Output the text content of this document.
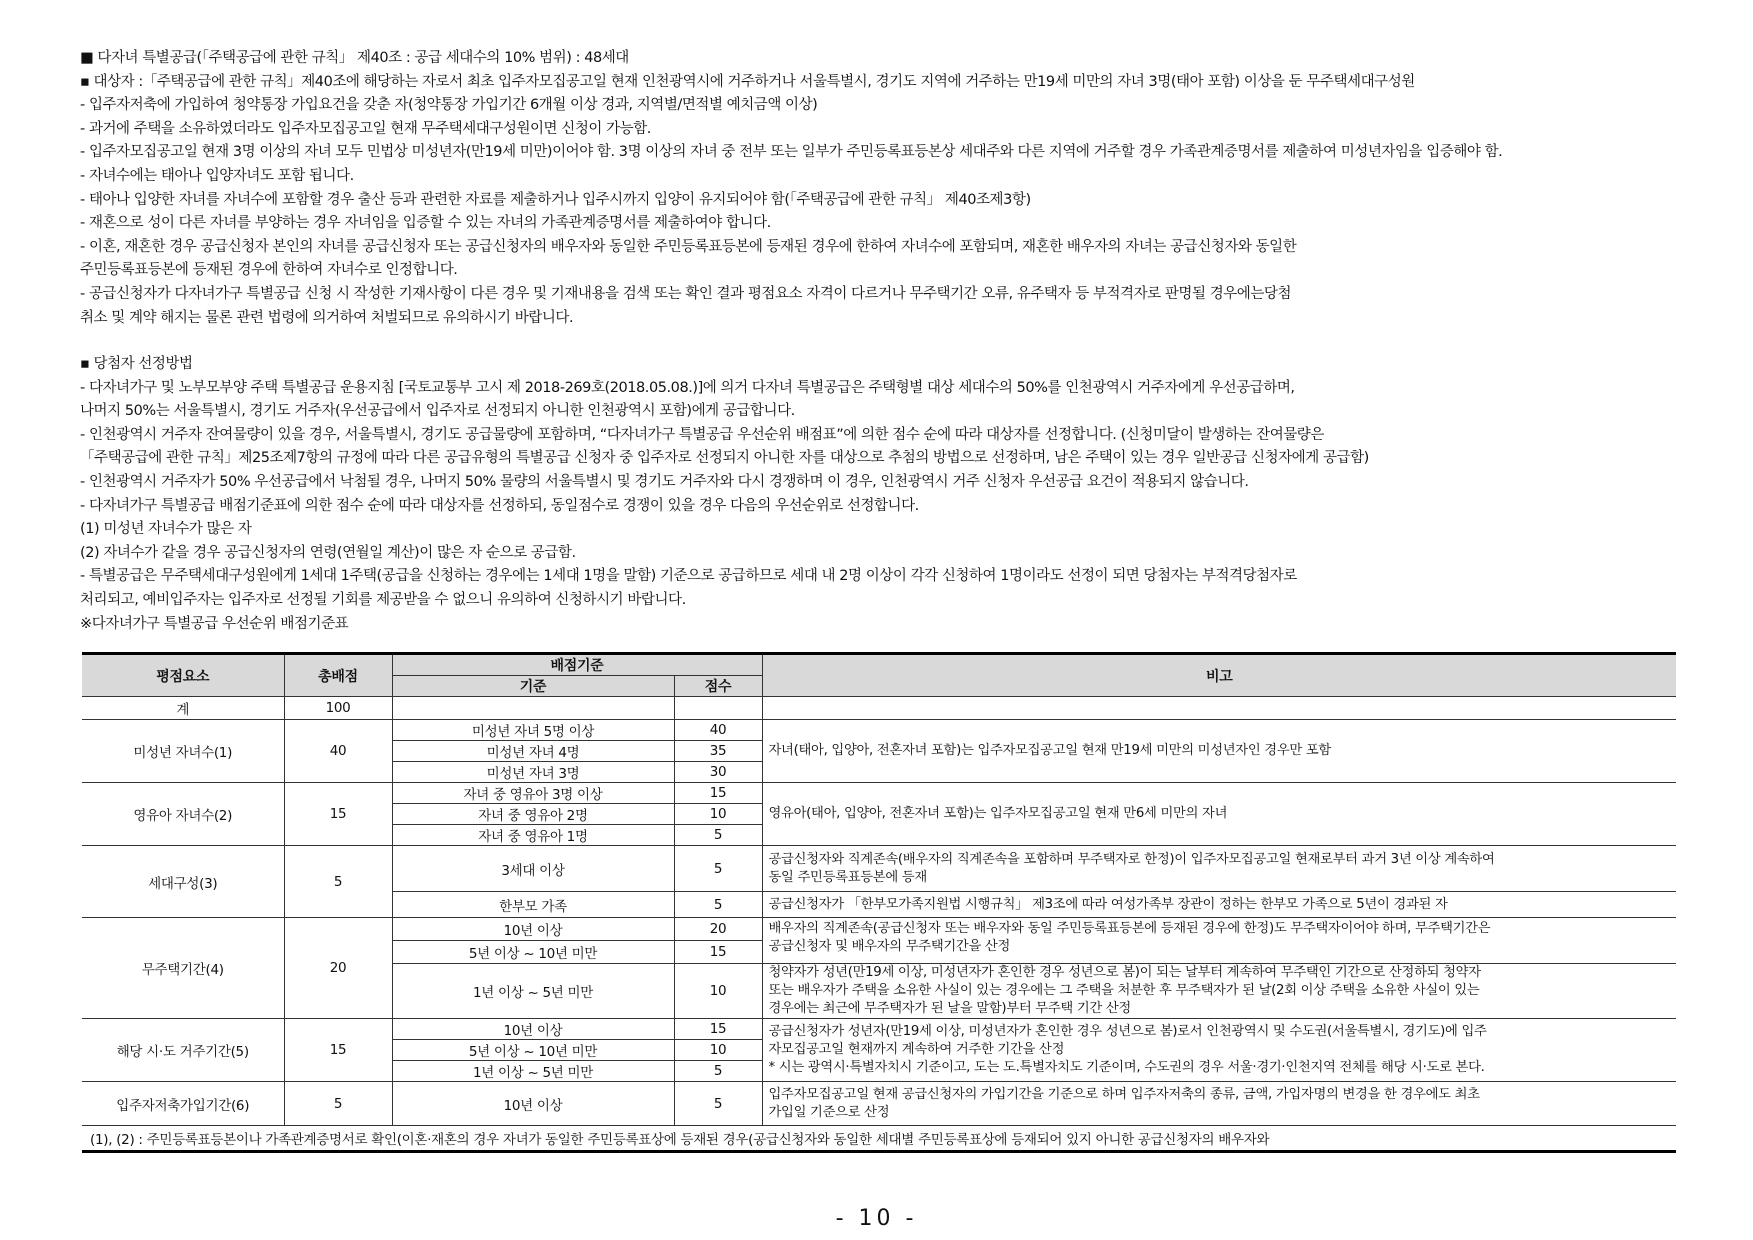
■ 다자녀 특별공급(「주택공급에 관한 규칙」 제40조 : 공급 세대수의 10% 범위) : 48세대
▪ 대상자 :「주택공급에 관한 규칙」제40조에 해당하는 자로서 최초 입주자모집공고일 현재 인천광역시에 거주하거나 서울특별시, 경기도 지역에 거주하는 만19세 미만의 자녀 3명(태아 포함) 이상을 둔 무주택세대구성원
- 입주자저축에 가입하여 청약통장 가입요건을 갖춘 자(청약통장 가입기간 6개월 이상 경과, 지역별/면적별 예치금액 이상)
- 과거에 주택을 소유하였더라도 입주자모집공고일 현재 무주택세대구성원이면 신청이 가능함.
- 입주자모집공고일 현재 3명 이상의 자녀 모두 민법상 미성년자(만19세 미만)이어야 함. 3명 이상의 자녀 중 전부 또는 일부가 주민등록표등본상 세대주와 다른 지역에 거주할 경우 가족관계증명서를 제출하여 미성년자임을 입증해야 함.
- 자녀수에는 태아나 입양자녀도 포함 됩니다.
- 태아나 입양한 자녀를 자녀수에 포함할 경우 출산 등과 관련한 자료를 제출하거나 입주시까지 입양이 유지되어야 함(「주택공급에 관한 규칙」 제40조제3항)
- 재혼으로 성이 다른 자녀를 부양하는 경우 자녀임을 입증할 수 있는 자녀의 가족관계증명서를 제출하여야 합니다.
- 이혼, 재혼한 경우 공급신청자 본인의 자녀를 공급신청자 또는 공급신청자의 배우자와 동일한 주민등록표등본에 등재된 경우에 한하여 자녀수에 포함되며, 재혼한 배우자의 자녀는 공급신청자와 동일한
주민등록표등본에 등재된 경우에 한하여 자녀수로 인정합니다.
- 공급신청자가 다자녀가구 특별공급 신청 시 작성한 기재사항이 다른 경우 및 기재내용을 검색 또는 확인 결과 평점요소 자격이 다르거나 무주택기간 오류, 유주택자 등 부적격자로 판명될 경우에는당첨
취소 및 계약 해지는 물론 관련 법령에 의거하여 처벌되므로 유의하시기 바랍니다.
▪ 당첨자 선정방법
- 다자녀가구 및 노부모부양 주택 특별공급 운용지침 [국토교통부 고시 제 2018-269호(2018.05.08.)]에 의거 다자녀 특별공급은 주택형별 대상 세대수의 50%를 인천광역시 거주자에게 우선공급하며,
나머지 50%는 서울특별시, 경기도 거주자(우선공급에서 입주자로 선정되지 아니한 인천광역시 포함)에게 공급합니다.
- 인천광역시 거주자 잔여물량이 있을 경우, 서울특별시, 경기도 공급물량에 포함하며, “다자녀가구 특별공급 우선순위 배점표”에 의한 점수 순에 따라 대상자를 선정합니다. (신청미달이 발생하는 잔여물량은
「주택공급에 관한 규칙」제25조제7항의 규정에 따라 다른 공급유형의 특별공급 신청자 중 입주자로 선정되지 아니한 자를 대상으로 추첨의 방법으로 선정하며, 남은 주택이 있는 경우 일반공급 신청자에게 공급함)
- 인천광역시 거주자가 50% 우선공급에서 낙첨될 경우, 나머지 50% 물량의 서울특별시 및 경기도 거주자와 다시 경쟁하며 이 경우, 인천광역시 거주 신청자 우선공급 요건이 적용되지 않습니다.
- 다자녀가구 특별공급 배점기준표에 의한 점수 순에 따라 대상자를 선정하되, 동일점수로 경쟁이 있을 경우 다음의 우선순위로 선정합니다.
(1) 미성년 자녀수가 많은 자
(2) 자녀수가 같을 경우 공급신청자의 연령(연월일 계산)이 많은 자 순으로 공급함.
- 특별공급은 무주택세대구성원에게 1세대 1주택(공급을 신청하는 경우에는 1세대 1명을 말함) 기준으로 공급하므로 세대 내 2명 이상이 각각 신청하여 1명이라도 선정이 되면 당첨자는 부적격당첨자로
처리되고, 예비입주자는 입주자로 선정될 기회를 제공받을 수 없으니 유의하여 신청하시기 바랍니다.
※다자녀가구 특별공급 우선순위 배점기준표
평점요소	총배점	배점기준		비고
		기준	점수	
계	100			
미성년 자녀수(1)	40	미성년 자녀 5명 이상	40	자녀(태아, 입양아, 전혼자녀 포함)는 입주자모집공고일 현재 만19세 미만의 미성년자인 경우만 포함
		미성년 자녀 4명	35	
		미성년 자녀 3명	30	
영유아 자녀수(2)	15	자녀 중 영유아 3명 이상	15	영유아(태아, 입양아, 전혼자녀 포함)는 입주자모집공고일 현재 만6세 미만의 자녀
		자녀 중 영유아 2명	10	
		자녀 중 영유아 1명	5	
세대구성(3)	5	3세대 이상	5	공급신청자와 직계존속(배우자의 직계존속을 포함하며 무주택자로 한정)이 입주자모집공고일 현재로부터 과거 3년 이상 계속하여
동일 주민등록표등본에 등재

		한부모 가족	5	공급신청자가 「한부모가족지원법 시행규칙」 제3조에 따라 여성가족부 장관이 정하는 한부모 가족으로 5년이 경과된 자
무주택기간(4)	20	10년 이상	20	배우자의 직계존속(공급신청자 또는 배우자와 동일 주민등록표등본에 등재된 경우에 한정)도 무주택자이어야 하며, 무주택기간은
공급신청자 및 배우자의 무주택기간을 산정

		5년 이상 ~ 10년 미만	15	
		1년 이상 ~ 5년 미만	10	청약자가 성년(만19세 이상, 미성년자가 혼인한 경우 성년으로 봄)이 되는 날부터 계속하여 무주택인 기간으로 산정하되 청약자
또는 배우자가 주택을 소유한 사실이 있는 경우에는 그 주택을 처분한 후 무주택자가 된 날(2회 이상 주택을 소유한 사실이 있는
경우에는 최근에 무주택자가 된 날을 말함)부터 무주택 기간 산정

해당 시·도 거주기간(5)	15	10년 이상	15	공급신청자가 성년자(만19세 이상, 미성년자가 혼인한 경우 성년으로 봄)로서 인천광역시 및 수도권(서울특별시, 경기도)에 입주
자모집공고일 현재까지 계속하여 거주한 기간을 산정
* 시는 광역시·특별자치시 기준이고, 도는 도.특별자치도 기준이며, 수도권의 경우 서울·경기·인천지역 전체를 해당 시·도로 본다.

		5년 이상 ~ 10년 미만	10	
		1년 이상 ~ 5년 미만	5	
입주자저축가입기간(6)	5	10년 이상	5	입주자모집공고일 현재 공급신청자의 가입기간을 기준으로 하며 입주자저축의 종류, 금액, 가입자명의 변경을 한 경우에도 최초
가입일 기준으로 산정

(1), (2) : 주민등록표등본이나 가족관계증명서로 확인(이혼·재혼의 경우 자녀가 동일한 주민등록표상에 등재된 경우(공급신청자와 동일한 세대별 주민등록표상에 등재되어 있지 아니한 공급신청자의 배우자와				
- 10 -
